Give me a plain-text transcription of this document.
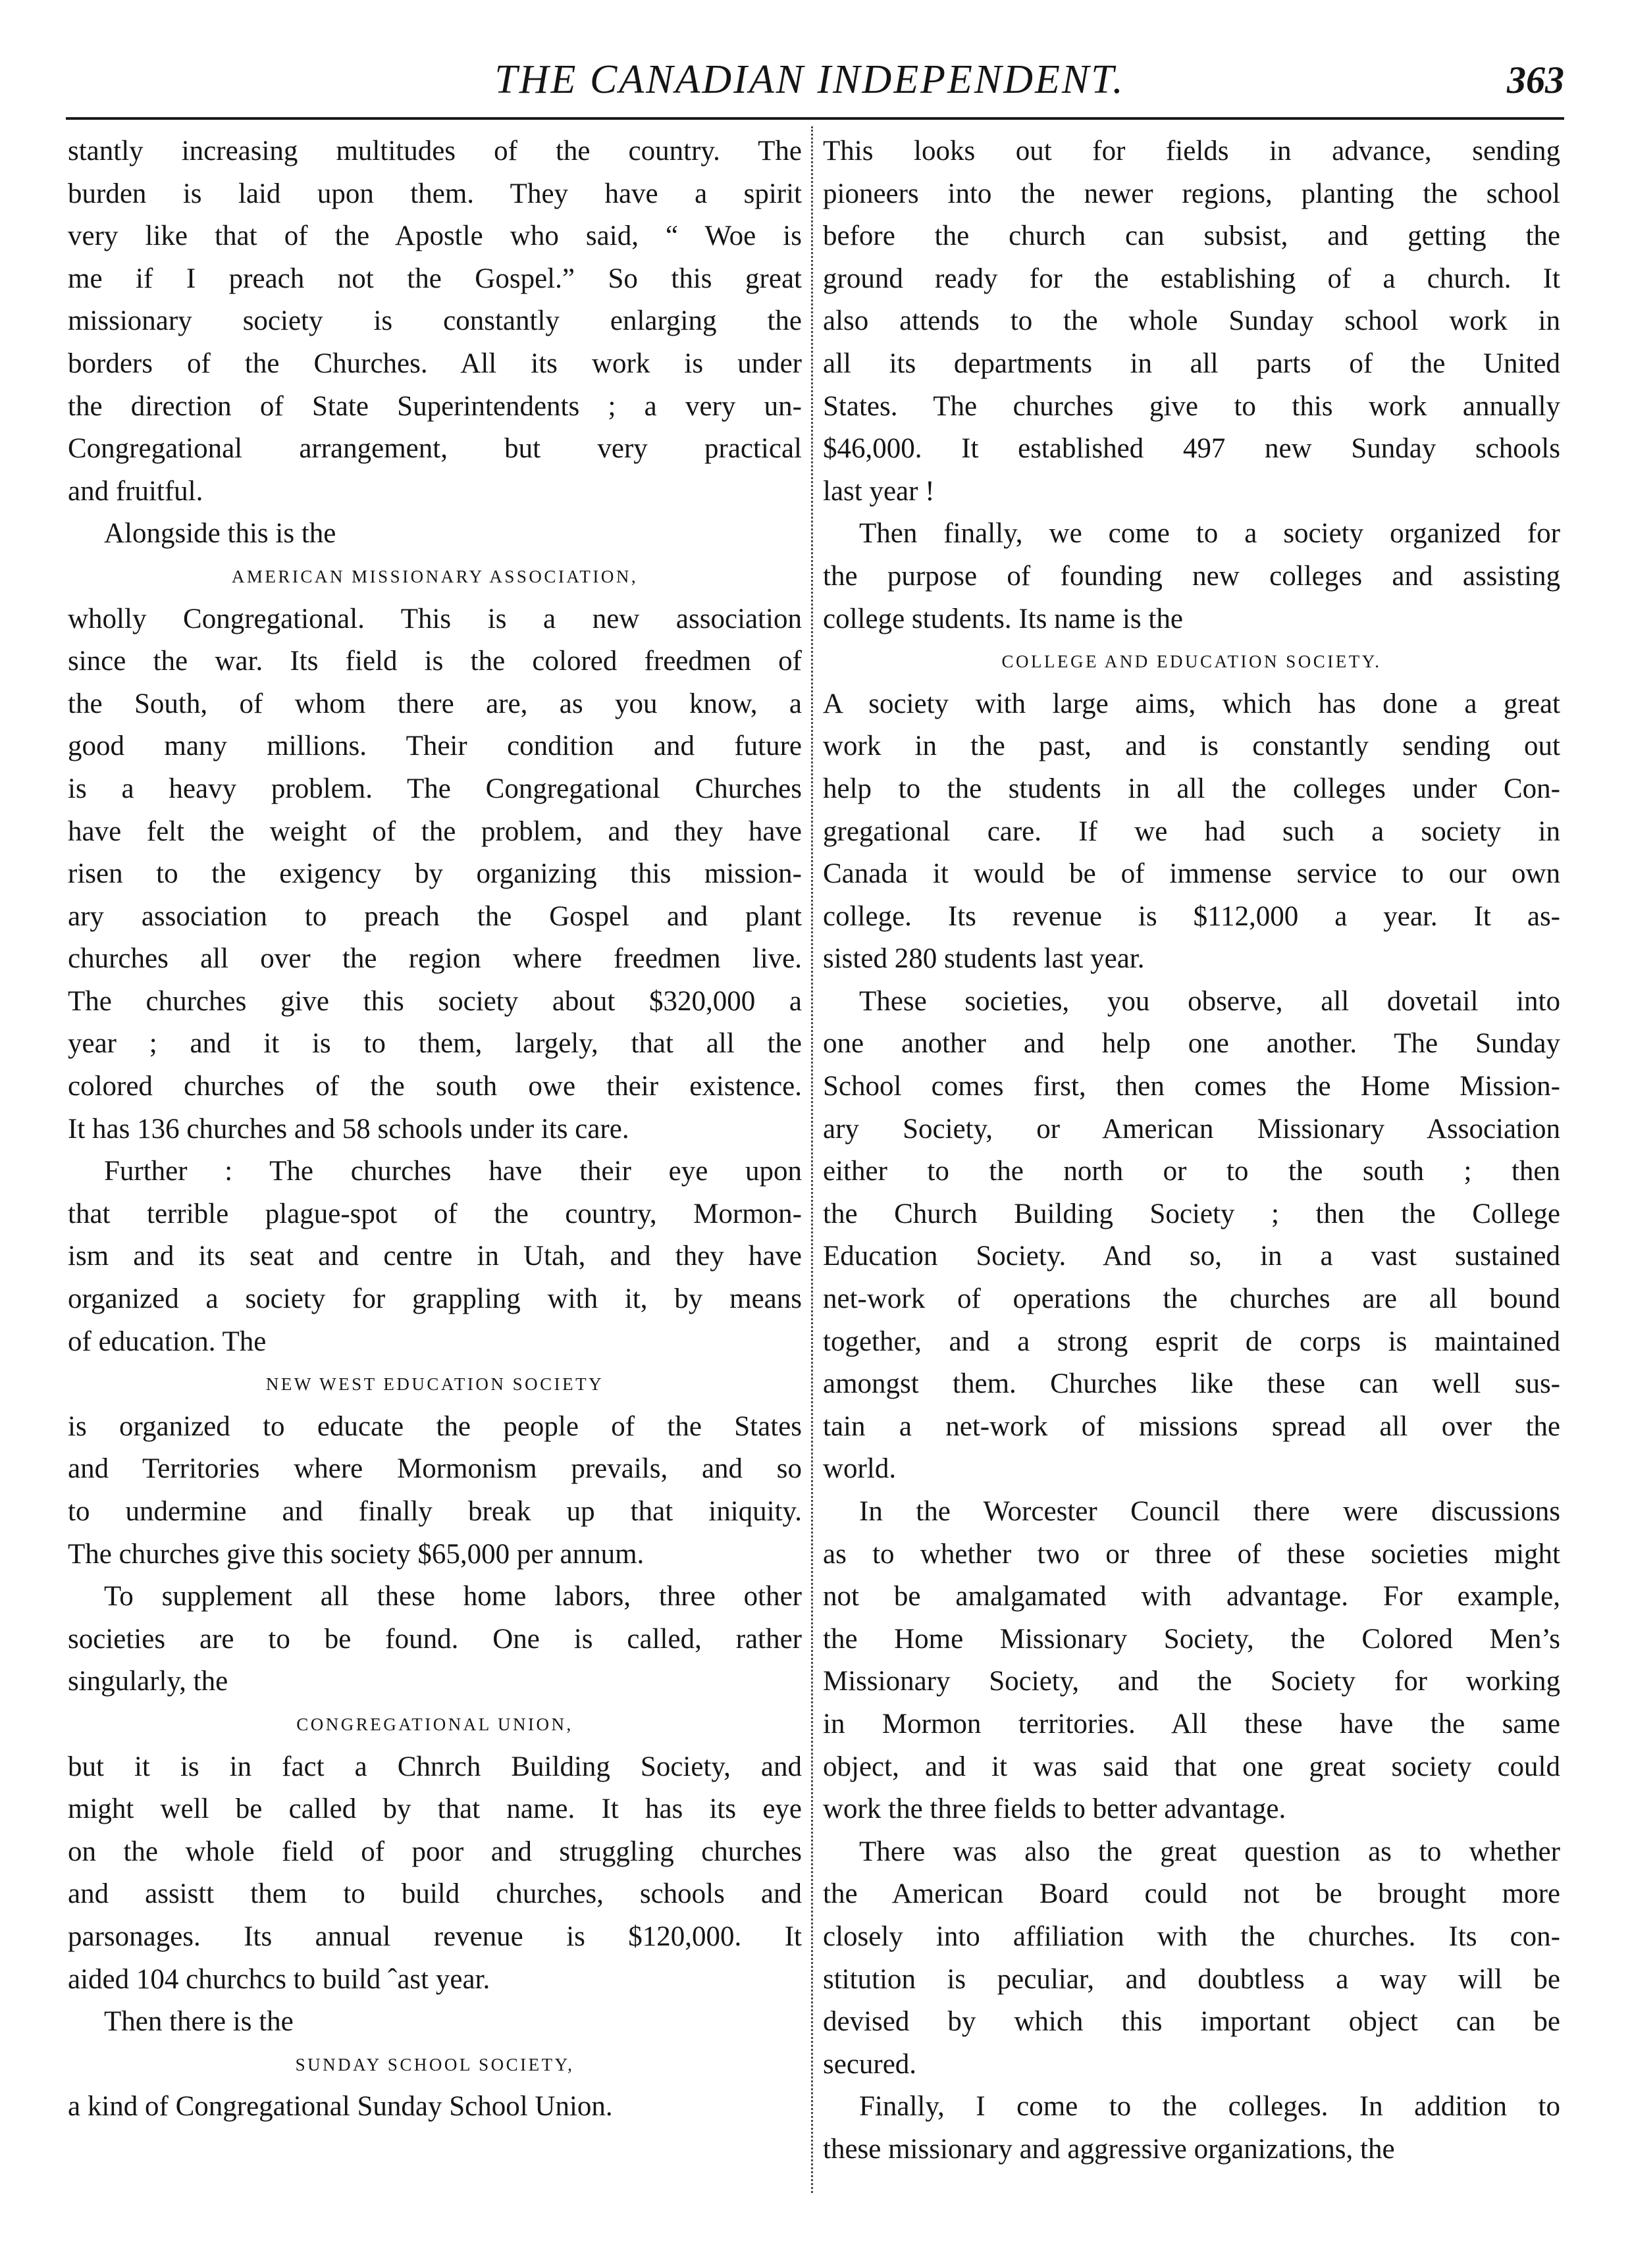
THE CANADIAN INDEPENDENT.	363
stantly increasing multitudes of the country. The
burden is laid upon them. They have a spirit
very like that of the Apostle who said, “ Woe is
me if I preach not the Gospel.” So this great
missionary society is constantly enlarging the
borders of the Churches. All its work is under
the direction of State Superintendents ; a very un-
Congregational arrangement, but very practical
and fruitful.
Alongside this is the
AMERICAN MISSIONARY ASSOCIATION,
wholly Congregational. This is a new association
since the war. Its field is the colored freedmen of
the South, of whom there are, as you know, a
good many millions. Their condition and future
is a heavy problem. The Congregational Churches
have felt the weight of the problem, and they have
risen to the exigency by organizing this mission-
ary association to preach the Gospel and plant
churches all over the region where freedmen live.
The churches give this society about $320,000 a
year ; and it is to them, largely, that all the
colored churches of the south owe their existence.
It has 136 churches and 58 schools under its care.
Further : The churches have their eye upon
that terrible plague-spot of the country, Mormon-
ism and its seat and centre in Utah, and they have
organized a society for grappling with it, by means
of education. The
NEW WEST EDUCATION SOCIETY
is organized to educate the people of the States
and Territories where Mormonism prevails, and so
to undermine and finally break up that iniquity.
The churches give this society $65,000 per annum.
To supplement all these home labors, three other
societies are to be found. One is called, rather
singularly, the
CONGREGATIONAL UNION,
but it is in fact a Chnrch Building Society, and
might well be called by that name. It has its eye
on the whole field of poor and struggling churches
and assistt them to build churches, schools and
parsonages. Its annual revenue is $120,000. It
aided 104 churchcs to build ˆast year.
Then there is the
SUNDAY SCHOOL SOCIETY,
a kind of Congregational Sunday School Union.
This looks out for fields in advance, sending
pioneers into the newer regions, planting the school
before the church can subsist, and getting the
ground ready for the establishing of a church. It
also attends to the whole Sunday school work in
all its departments in all parts of the United
States. The churches give to this work annually
$46,000. It established 497 new Sunday schools
last year !
Then finally, we come to a society organized for
the purpose of founding new colleges and assisting
college students. Its name is the
COLLEGE AND EDUCATION SOCIETY.
A society with large aims, which has done a great
work in the past, and is constantly sending out
help to the students in all the colleges under Con-
gregational care. If we had such a society in
Canada it would be of immense service to our own
college. Its revenue is $112,000 a year. It as-
sisted 280 students last year.
These societies, you observe, all dovetail into
one another and help one another. The Sunday
School comes first, then comes the Home Mission-
ary Society, or American Missionary Association
either to the north or to the south ; then
the Church Building Society ; then the College
Education Society. And so, in a vast sustained
net-work of operations the churches are all bound
together, and a strong esprit de corps is maintained
amongst them. Churches like these can well sus-
tain a net-work of missions spread all over the
world.
In the Worcester Council there were discussions
as to whether two or three of these societies might
not be amalgamated with advantage. For example,
the Home Missionary Society, the Colored Men’s
Missionary Society, and the Society for working
in Mormon territories. All these have the same
object, and it was said that one great society could
work the three fields to better advantage.
There was also the great question as to whether
the American Board could not be brought more
closely into affiliation with the churches. Its con-
stitution is peculiar, and doubtless a way will be
devised by which this important object can be
secured.
Finally, I come to the colleges. In addition to
these missionary and aggressive organizations, the
